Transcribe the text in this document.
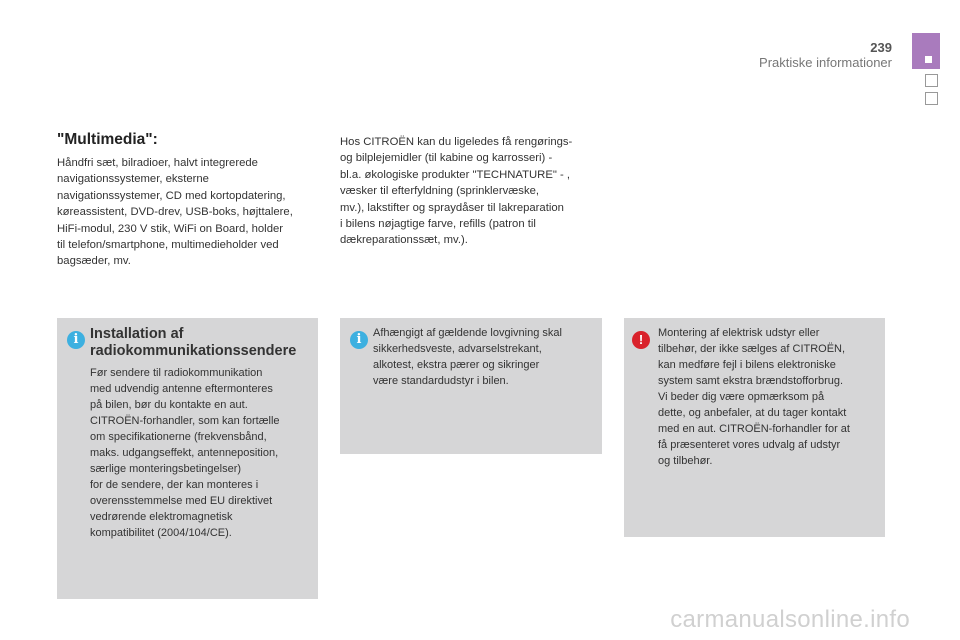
239
Praktiske informationer
"Multimedia":
Håndfri sæt, bilradioer, halvt integrerede
navigationssystemer, eksterne
navigationssystemer, CD med kortopdatering,
køreassistent, DVD-drev, USB-boks, højttalere,
HiFi-modul, 230 V stik, WiFi on Board, holder
til telefon/smartphone, multimedieholder ved
bagsæder, mv.
Hos CITROËN kan du ligeledes få rengørings-
og bilplejemidler (til kabine og karrosseri) -
bl.a. økologiske produkter "TECHNATURE" - ,
væsker til efterfyldning (sprinklervæske,
mv.), lakstifter og spraydåser til lakreparation
i bilens nøjagtige farve, refills (patron til
dækreparationssæt, mv.).
i Installation af radiokommunikationssendere
Før sendere til radiokommunikation
med udvendig antenne eftermonteres
på bilen, bør du kontakte en aut.
CITROËN-forhandler, som kan fortælle
om specifikationerne (frekvensbånd,
maks. udgangseffekt, antenneposition,
særlige monteringsbetingelser)
for de sendere, der kan monteres i
overensstemmelse med EU direktivet
vedrørende elektromagnetisk
kompatibilitet (2004/104/CE).
i	Afhængigt af gældende lovgivning skal
sikkerhedsveste, advarselstrekant,
alkotest, ekstra pærer og sikringer
være standardudstyr i bilen.
!	Montering af elektrisk udstyr eller
tilbehør, der ikke sælges af CITROËN,
kan medføre fejl i bilens elektroniske
system samt ekstra brændstofforbrug.
Vi beder dig være opmærksom på
dette, og anbefaler, at du tager kontakt
med en aut. CITROËN-forhandler for at
få præsenteret vores udvalg af udstyr
og tilbehør.
carmanualsonline.info
